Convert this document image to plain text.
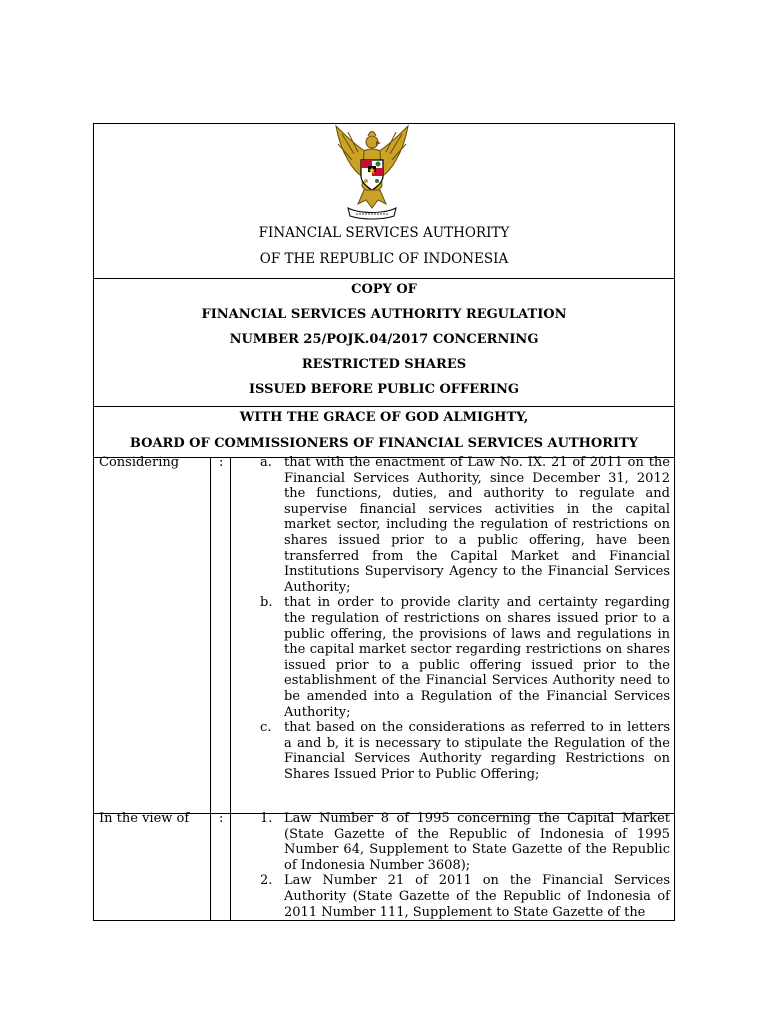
FINANCIAL SERVICES AUTHORITY
OF THE REPUBLIC OF INDONESIA
COPY OF
FINANCIAL SERVICES AUTHORITY REGULATION
NUMBER 25/POJK.04/2017 CONCERNING
RESTRICTED SHARES
ISSUED BEFORE PUBLIC OFFERING
WITH THE GRACE OF GOD ALMIGHTY,
BOARD OF COMMISSIONERS OF FINANCIAL SERVICES AUTHORITY
Considering	:	a. that with the enactment of Law No. IX. 21 of 2011 on the Financial Services Authority, since December 31, 2012 the functions, duties, and authority to regulate and supervise financial services activities in the capital market sector, including the regulation of restrictions on shares issued prior to a public offering, have been transferred from the Capital Market and Financial Institutions Supervisory Agency to the Financial Services Authority;
b. that in order to provide clarity and certainty regarding the regulation of restrictions on shares issued prior to a public offering, the provisions of laws and regulations in the capital market sector regarding restrictions on shares issued prior to a public offering issued prior to the establishment of the Financial Services Authority need to be amended into a Regulation of the Financial Services Authority;
c. that based on the considerations as referred to in letters a and b, it is necessary to stipulate the Regulation of the Financial Services Authority regarding Restrictions on Shares Issued Prior to Public Offering;
In the view of :	1. Law Number 8 of 1995 concerning the Capital Market (State Gazette of the Republic of Indonesia of 1995 Number 64, Supplement to State Gazette of the Republic of Indonesia Number 3608);
2. Law Number 21 of 2011 on the Financial Services Authority (State Gazette of the Republic of Indonesia of 2011 Number 111, Supplement to State Gazette of the
